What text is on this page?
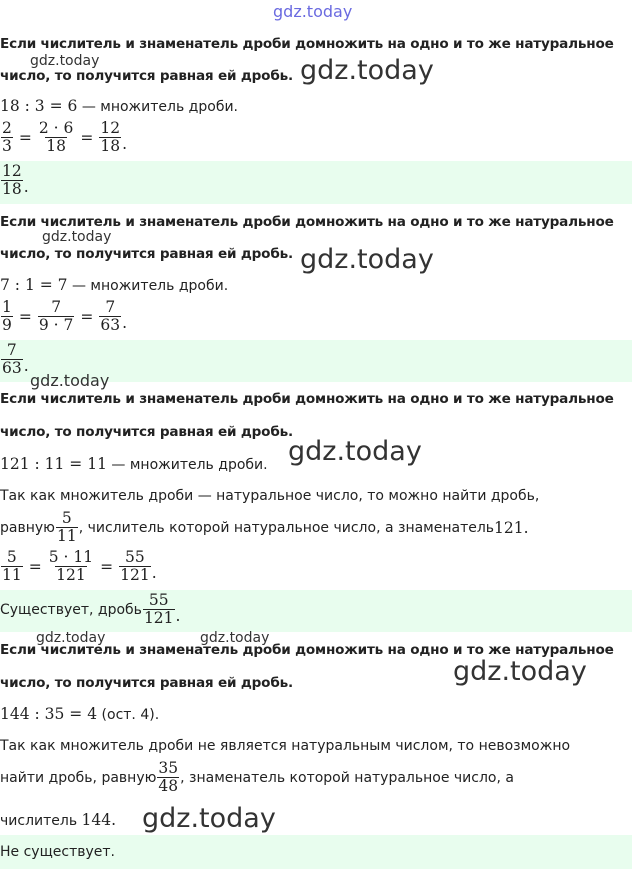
gdz.today
Если числитель и знаменатель дроби домножить на одно и то же натуральное
gdz.today
число, то получится равная ей дробь. gdz.today
18 : 3 = 6 — множитель дроби.
$\frac{2}{3} = \frac{2 \cdot 6}{18} = \frac{12}{18}$ .
$\frac{12}{18}$ .
Если числитель и знаменатель дроби домножить на одно и то же натуральное
gdz.today
число, то получится равная ей дробь. gdz.today
7 : 1 = 7 — множитель дроби.
$\frac{1}{9} = \frac{7}{9 \cdot 7} = \frac{7}{63}$ .
$\frac{7}{63}$ .
gdz.today
Если числитель и знаменатель дроби домножить на одно и то же натуральное
число, то получится равная ей дробь.
121 : 11 = 11 — множитель дроби. gdz.today
Так как множитель дроби — натуральное число, то можно найти дробь,
равную $\frac{5}{11}$ , числитель которой натуральное число, а знаменатель 121 .
$\frac{5}{11} = \frac{5 \cdot 11}{121} = \frac{55}{121}$ .
Существует, дробь $\frac{55}{121}$ .
gdz.today	gdz.today
Если числитель и знаменатель дроби домножить на одно и то же натуральное
число, то получится равная ей дробь.	gdz.today
144 : 35 = 4 (ост. 4).
Так как множитель дроби не является натуральным числом, то невозможно
найти дробь, равную $\frac{35}{48}$ , знаменатель которой натуральное число, а
числитель 144. gdz.today
Не существует.
